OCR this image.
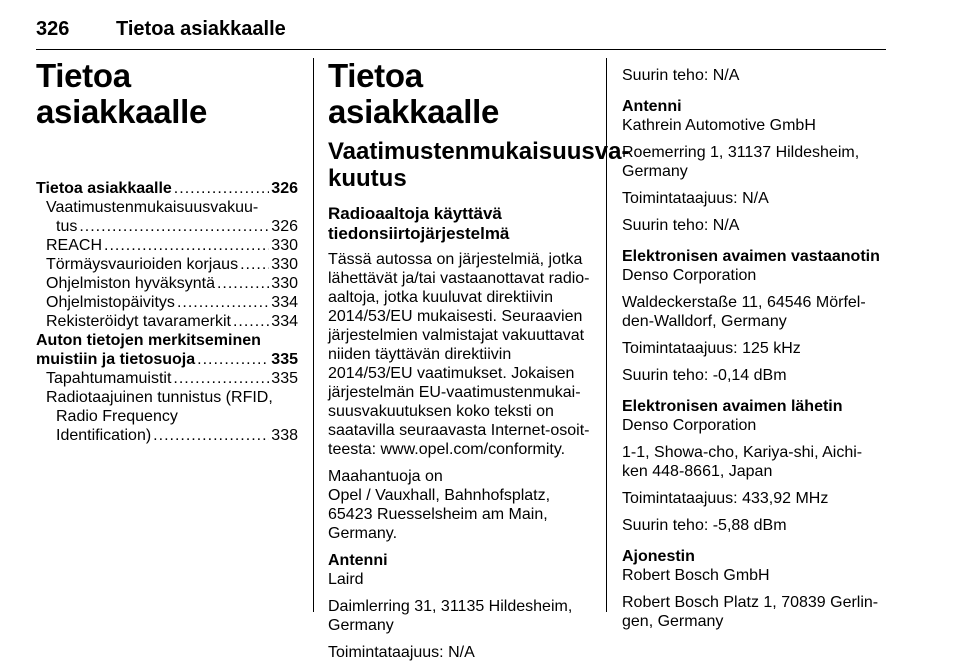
326 Tietoa asiakkaalle
Tietoa asiakkaalle
Tietoa asiakkaalle .....	326
Vaatimustenmukaisuusvakuu-
tus .....	326
REACH .....	330
Törmäysvaurioiden korjaus ..... 330
Ohjelmiston hyväksyntä .....	330
Ohjelmistopäivitys .....	334
Rekisteröidyt tavaramerkit .....	334
Auton tietojen merkitseminen
muistiin ja tietosuoja .....	335
Tapahtumamuistit .....	335
Radiotaajuinen tunnistus (RFID,
Radio Frequency
Identification) .....	338
Tietoa asiakkaalle
Vaatimustenmukaisuusva-
kuutus
Radioaaltoja käyttävä
tiedonsiirtojärjestelmä

Tässä autossa on järjestelmiä, jotka
lähettävät ja/tai vastaanottavat radio-
aaltoja, jotka kuuluvat direktiivin
2014/53/EU mukaisesti. Seuraavien
järjestelmien valmistajat vakuuttavat
niiden täyttävän direktiivin
2014/53/EU vaatimukset. Jokaisen
järjestelmän EU-vaatimustenmukai-
suusvakuutuksen koko teksti on
saatavilla seuraavasta Internet-osoit-
teesta: www.opel.com/conformity.

Maahantuoja on
Opel / Vauxhall, Bahnhofsplatz,
65423 Ruesselsheim am Main,
Germany.

Antenni

Laird

Daimlerring 31, 31135 Hildesheim,
Germany

Toimintataajuus: N/A

Suurin teho: N/A

Antenni

Kathrein Automotive GmbH

Roemerring 1, 31137 Hildesheim,
Germany

Toimintataajuus: N/A

Suurin teho: N/A

Elektronisen avaimen vastaanotin

Denso Corporation

Waldeckerstaße 11, 64546 Mörfel-
den-Walldorf, Germany

Toimintataajuus: 125 kHz

Suurin teho: -0,14 dBm

Elektronisen avaimen lähetin

Denso Corporation

1-1, Showa-cho, Kariya-shi, Aichi-
ken 448-8661, Japan

Toimintataajuus: 433,92 MHz

Suurin teho: -5,88 dBm

Ajonestin

Robert Bosch GmbH

Robert Bosch Platz 1, 70839 Gerlin-
gen, Germany
